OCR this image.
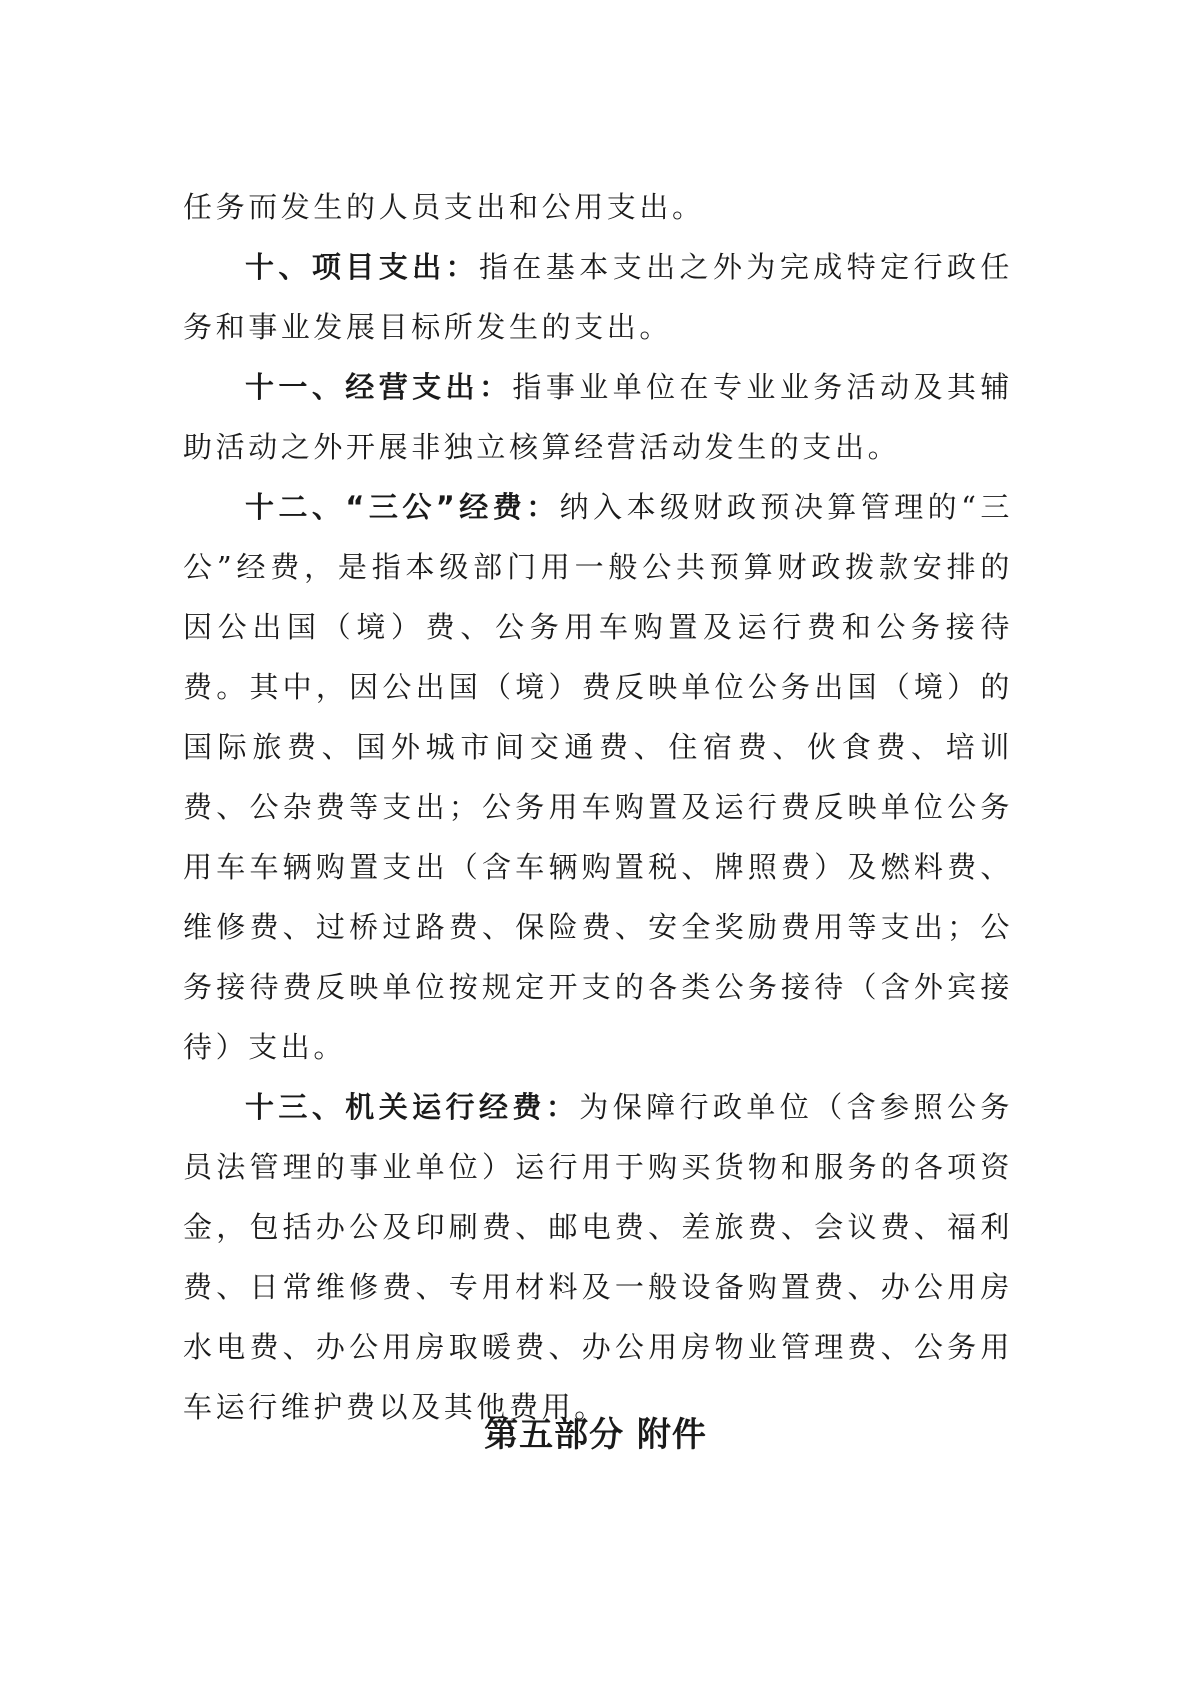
任务而发生的人员支出和公用支出。

十、项目支出：指在基本支出之外为完成特定行政任务和事业发展目标所发生的支出。

十一、经营支出：指事业单位在专业业务活动及其辅助活动之外开展非独立核算经营活动发生的支出。

十二、“三公”经费：纳入本级财政预决算管理的“三公”经费，是指本级部门用一般公共预算财政拨款安排的因公出国（境）费、公务用车购置及运行费和公务接待费。其中，因公出国（境）费反映单位公务出国（境）的国际旅费、国外城市间交通费、住宿费、伙食费、培训费、公杂费等支出；公务用车购置及运行费反映单位公务用车车辆购置支出（含车辆购置税、牌照费）及燃料费、维修费、过桥过路费、保险费、安全奖励费用等支出；公务接待费反映单位按规定开支的各类公务接待（含外宾接待）支出。

十三、机关运行经费：为保障行政单位（含参照公务员法管理的事业单位）运行用于购买货物和服务的各项资金，包括办公及印刷费、邮电费、差旅费、会议费、福利费、日常维修费、专用材料及一般设备购置费、办公用房水电费、办公用房取暖费、办公用房物业管理费、公务用车运行维护费以及其他费用。

第五部分 附件
